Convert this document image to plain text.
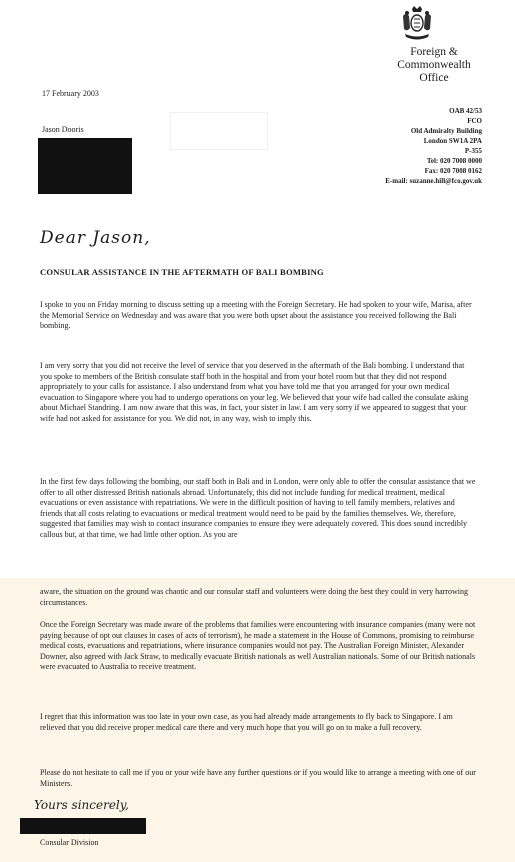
Foreign &
Commonwealth
Office
OAB 42/53
FCO
Old Admiralty Building
London SW1A 2PA
P-355
Tel: 020 7008 0000
Fax: 020 7008 0162
E-mail: suzanne.hill@fco.gov.uk
17 February 2003
Jason Dooris
Dear Jason,
CONSULAR ASSISTANCE IN THE AFTERMATH OF BALI BOMBING

I spoke to you on Friday morning to discuss setting up a meeting with the Foreign Secretary. He had spoken to your wife, Marisa, after the Memorial Service on Wednesday and was aware that you were both upset about the assistance you received following the Bali bombing.

I am very sorry that you did not receive the level of service that you deserved in the aftermath of the Bali bombing. I understand that you spoke to members of the British consulate staff both in the hospital and from your hotel room but that they did not respond appropriately to your calls for assistance. I also understand from what you have told me that you arranged for your own medical evacuation to Singapore where you had to undergo operations on your leg. We believed that your wife had called the consulate asking about Michael Standring. I am now aware that this was, in fact, your sister in law. I am very sorry if we appeared to suggest that your wife had not asked for assistance for you. We did not, in any way, wish to imply this.

In the first few days following the bombing, our staff both in Bali and in London, were only able to offer the consular assistance that we offer to all other distressed British nationals abroad. Unfortunately, this did not include funding for medical treatment, medical evacuations or even assistance with repatriations. We were in the difficult position of having to tell family members, relatives and friends that all costs relating to evacuations or medical treatment would need to be paid by the families themselves. We, therefore, suggested that families may wish to contact insurance companies to ensure they were adequately covered. This does sound incredibly callous but, at that time, we had little other option. As you are

aware, the situation on the ground was chaotic and our consular staff and volunteers were doing the best they could in very harrowing circumstances.

Once the Foreign Secretary was made aware of the problems that families were encountering with insurance companies (many were not paying because of opt out clauses in cases of acts of terrorism), he made a statement in the House of Commons, promising to reimburse medical costs, evacuations and repatriations, where insurance companies would not pay. The Australian Foreign Minister, Alexander Downer, also agreed with Jack Straw, to medically evacuate British nationals as well Australian nationals. Some of our British nationals were evacuated to Australia to receive treatment.

I regret that this information was too late in your own case, as you had already made arrangements to fly back to Singapore. I am relieved that you did receive proper medical care there and very much hope that you will go on to make a full recovery.

Please do not hesitate to call me if you or your wife have any further questions or if you would like to arrange a meeting with one of our Ministers.

Yours sincerely,
Consular Division
